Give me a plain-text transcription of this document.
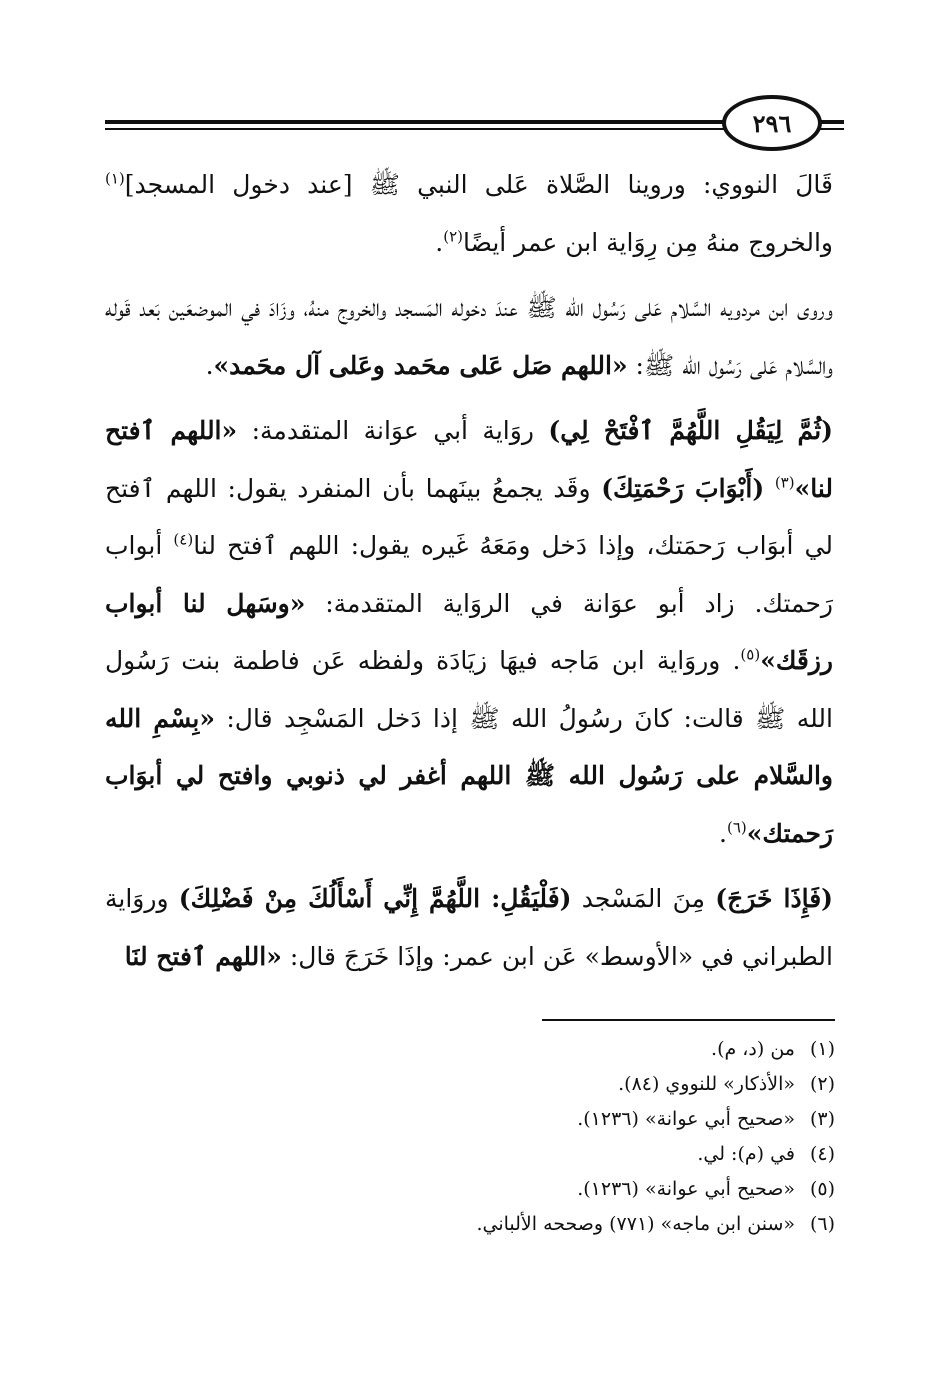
٢٩٦

قَالَ النووي: وروينا الصَّلاة عَلى النبي ﷺ [عند دخول المسجد]$^{(١)}$ والخروج منهُ مِن رِوَاية ابن عمر أيضًا$^{(٢)}$.

وروى ابن مردويه السَّلام عَلى رَسُول الله ﷺ عندَ دخوله المَسجد والخروج منهُ، وزَادَ في الموضعَين بَعد قَوله والسَّلام عَلى رَسُول الله ﷺ: «اللهم صَل عَلى محَمد وعَلى آل محَمد».

(ثُمَّ لِيَقُلِ اللَّهُمَّ ٱفْتَحْ لِي) روَاية أبي عوَانة المتقدمة: «اللهم ٱفتح لنا»$^{(٣)}$ (أَبْوَابَ رَحْمَتِكَ) وقَد يجمعُ بينَهما بأن المنفرد يقول: اللهم ٱفتح لي أبوَاب رَحمَتك، وإذا دَخل ومَعَهُ غَيره يقول: اللهم ٱفتح لنا$^{(٤)}$ أبواب رَحمتك. زاد أبو عوَانة في الروَاية المتقدمة: «وسَهل لنا أبواب رزقَك»$^{(٥)}$. وروَاية ابن مَاجه فيهَا زيَادَة ولفظه عَن فاطمة بنت رَسُول الله ﷺ قالت: كانَ رسُولُ الله ﷺ إذا دَخل المَسْجِد قال: «بِسْمِ الله والسَّلام على رَسُول الله ﷺ اللهم أغفر لي ذنوبي وافتح لي أبوَاب رَحمتك»$^{(٦)}$.

(فَإِذَا خَرَجَ) مِنَ المَسْجد (فَلْيَقُلِ: اللَّهُمَّ إِنِّي أَسْأَلُكَ مِنْ فَضْلِكَ) وروَاية الطبراني في «الأوسط» عَن ابن عمر: وإذَا خَرَجَ قال: «اللهم ٱفتح لنَا

(١)من (د، م).

(٢)«الأذكار» للنووي (٨٤).

(٣)«صحيح أبي عوانة» (١٢٣٦).

(٤)في (م): لي.

(٥)«صحيح أبي عوانة» (١٢٣٦).

(٦)«سنن ابن ماجه» (٧٧١) وصححه الألباني.
